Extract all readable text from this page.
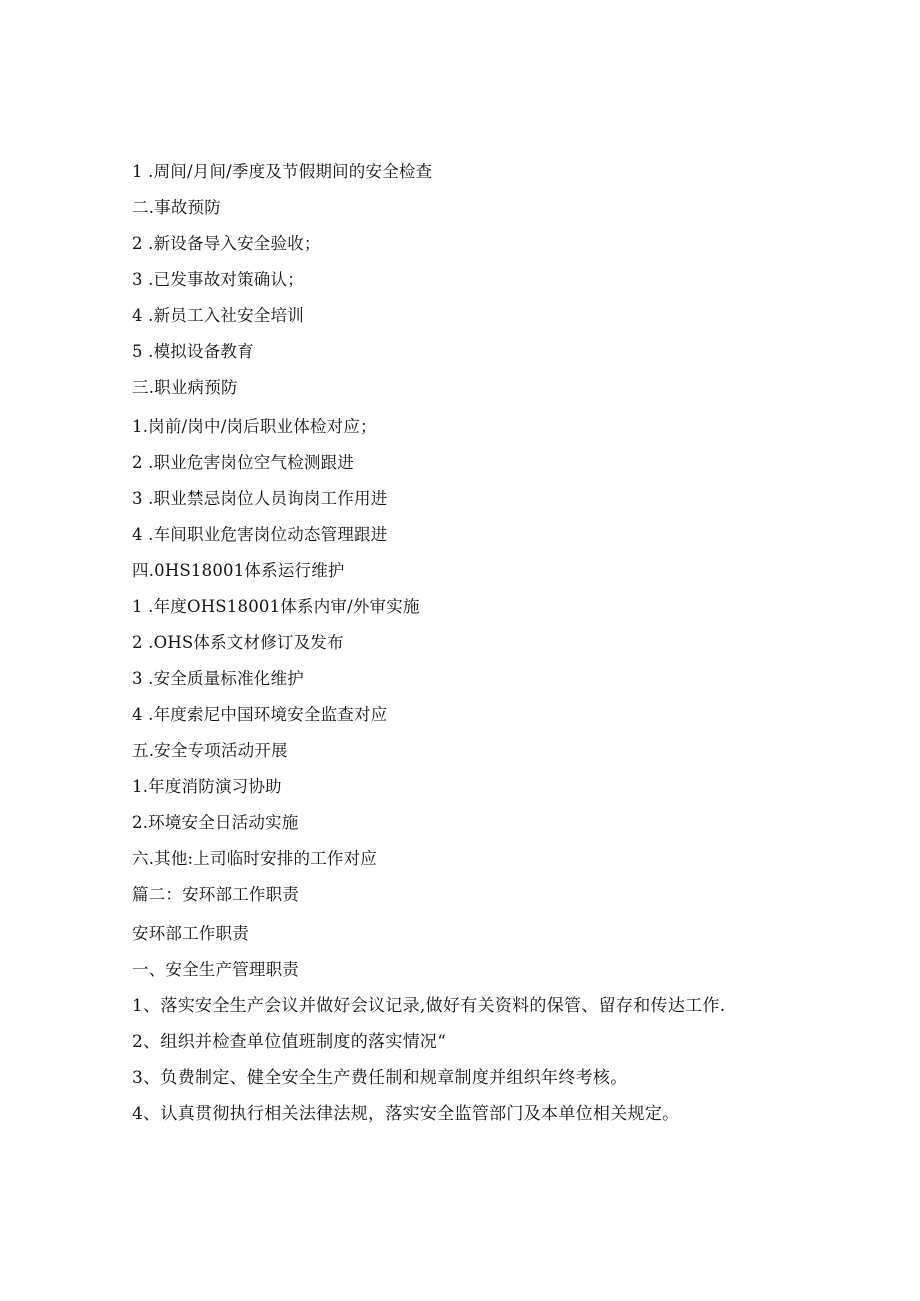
1 .周间/月间/季度及节假期间的安全检查
二.事故预防
2 .新设备导入安全验收；
3 .已发事故对策确认；
4 .新员工入社安全培训
5 .模拟设备教育
三.职业病预防
1.岗前/岗中/岗后职业体检对应；
2 .职业危害岗位空气检测跟进
3 .职业禁忌岗位人员询岗工作用进
4 .车间职业危害岗位动态管理跟进
四.0HS18001体系运行维护
1 .年度OHS18001体系内审/外审实施
2 .OHS体系文材修订及发布
3 .安全质量标准化维护
4 .年度索尼中国环境安全监查对应
五.安全专项活动开展
1.年度消防演习协助
2.环境安全日活动实施
六.其他:上司临时安排的工作对应
篇二：安环部工作职责
安环部工作职责
一、安全生产管理职责
1、落实安全生产会议并做好会议记录,做好有关资料的保管、留存和传达工作.
2、组织并检查单位值班制度的落实情况“
3、负费制定、健全安全生产费任制和规章制度并组织年终考核。
4、认真贯彻执行相关法律法规，落实安全监管部门及本单位相关规定。
